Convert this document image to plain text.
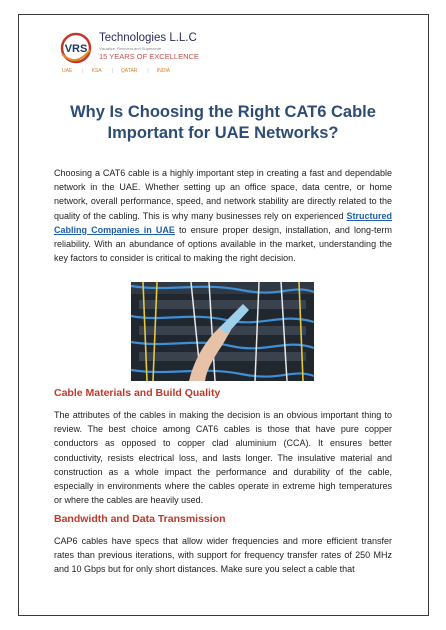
VRS
Technologies L.L.C
Visualize. Reinvent and Supersede
15 YEARS OF EXCELLENCE
UAE	| KSA	| QATAR	| INDIA
Why Is Choosing the Right CAT6 Cable
Important for UAE Networks?

Choosing a CAT6 cable is a highly important step in creating a fast and dependable network in the UAE. Whether setting up an office space, data centre, or home network, overall performance, speed, and network stability are directly related to the quality of the cabling. This is why many businesses rely on experienced Structured Cabling Companies in UAE to ensure proper design, installation, and long-term reliability. With an abundance of options available in the market, understanding the key factors to consider is critical to making the right decision.

Cable Materials and Build Quality

The attributes of the cables in making the decision is an obvious important thing to review. The best choice among CAT6 cables is those that have pure copper conductors as opposed to copper clad aluminium (CCA). It ensures better conductivity, resists electrical loss, and lasts longer. The insulative material and construction as a whole impact the performance and durability of the cable, especially in environments where the cables operate in extreme high temperatures or where the cables are heavily used.

Bandwidth and Data Transmission

CAP6 cables have specs that allow wider frequencies and more efficient transfer rates than previous iterations, with support for frequency transfer rates of 250 MHz and 10 Gbps but for only short distances. Make sure you select a cable that
